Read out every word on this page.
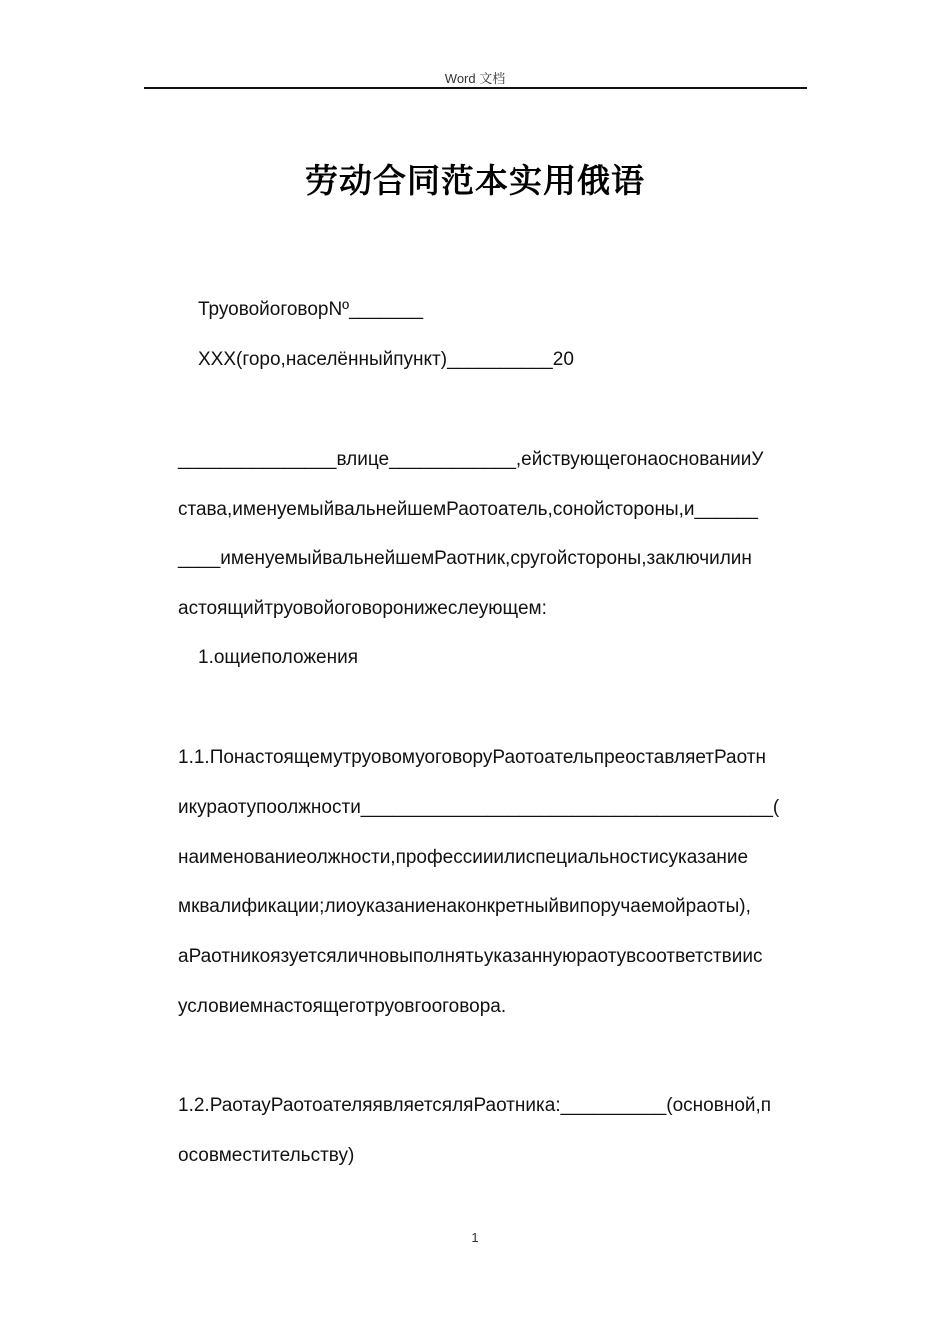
Word 文档
劳动合同范本实用俄语
ТруовойоговорNº_______
XXX(горо,населённыйпункт)__________20
_______________влице____________,ействующегонаоснованииУ
става,именуемыйвальнейшемРаотоатель,сонойстороны,и______
____именуемыйвальнейшемРаотник,сругойстороны,заключилин
астоящийтруовойоговоронижеслеующем:
1.ощиеположения
1.1.ПонастоящемутруовомуоговоруРаотоательпреоставляетРаотн
икураотупоолжности_______________________________________(
наименованиеолжности,профессииилиспециальностисуказание
мквалификации;лиоуказаниенаконкретныйвипоручаемойраоты),
аРаотникоязуетсяличновыполнятьуказаннуюраотувсоответствиис
условиемнастоящеготруовгооговора.
1.2.РаотауРаотоателяявляетсяляРаотника:__________(основной,п
осовместительству)
1
